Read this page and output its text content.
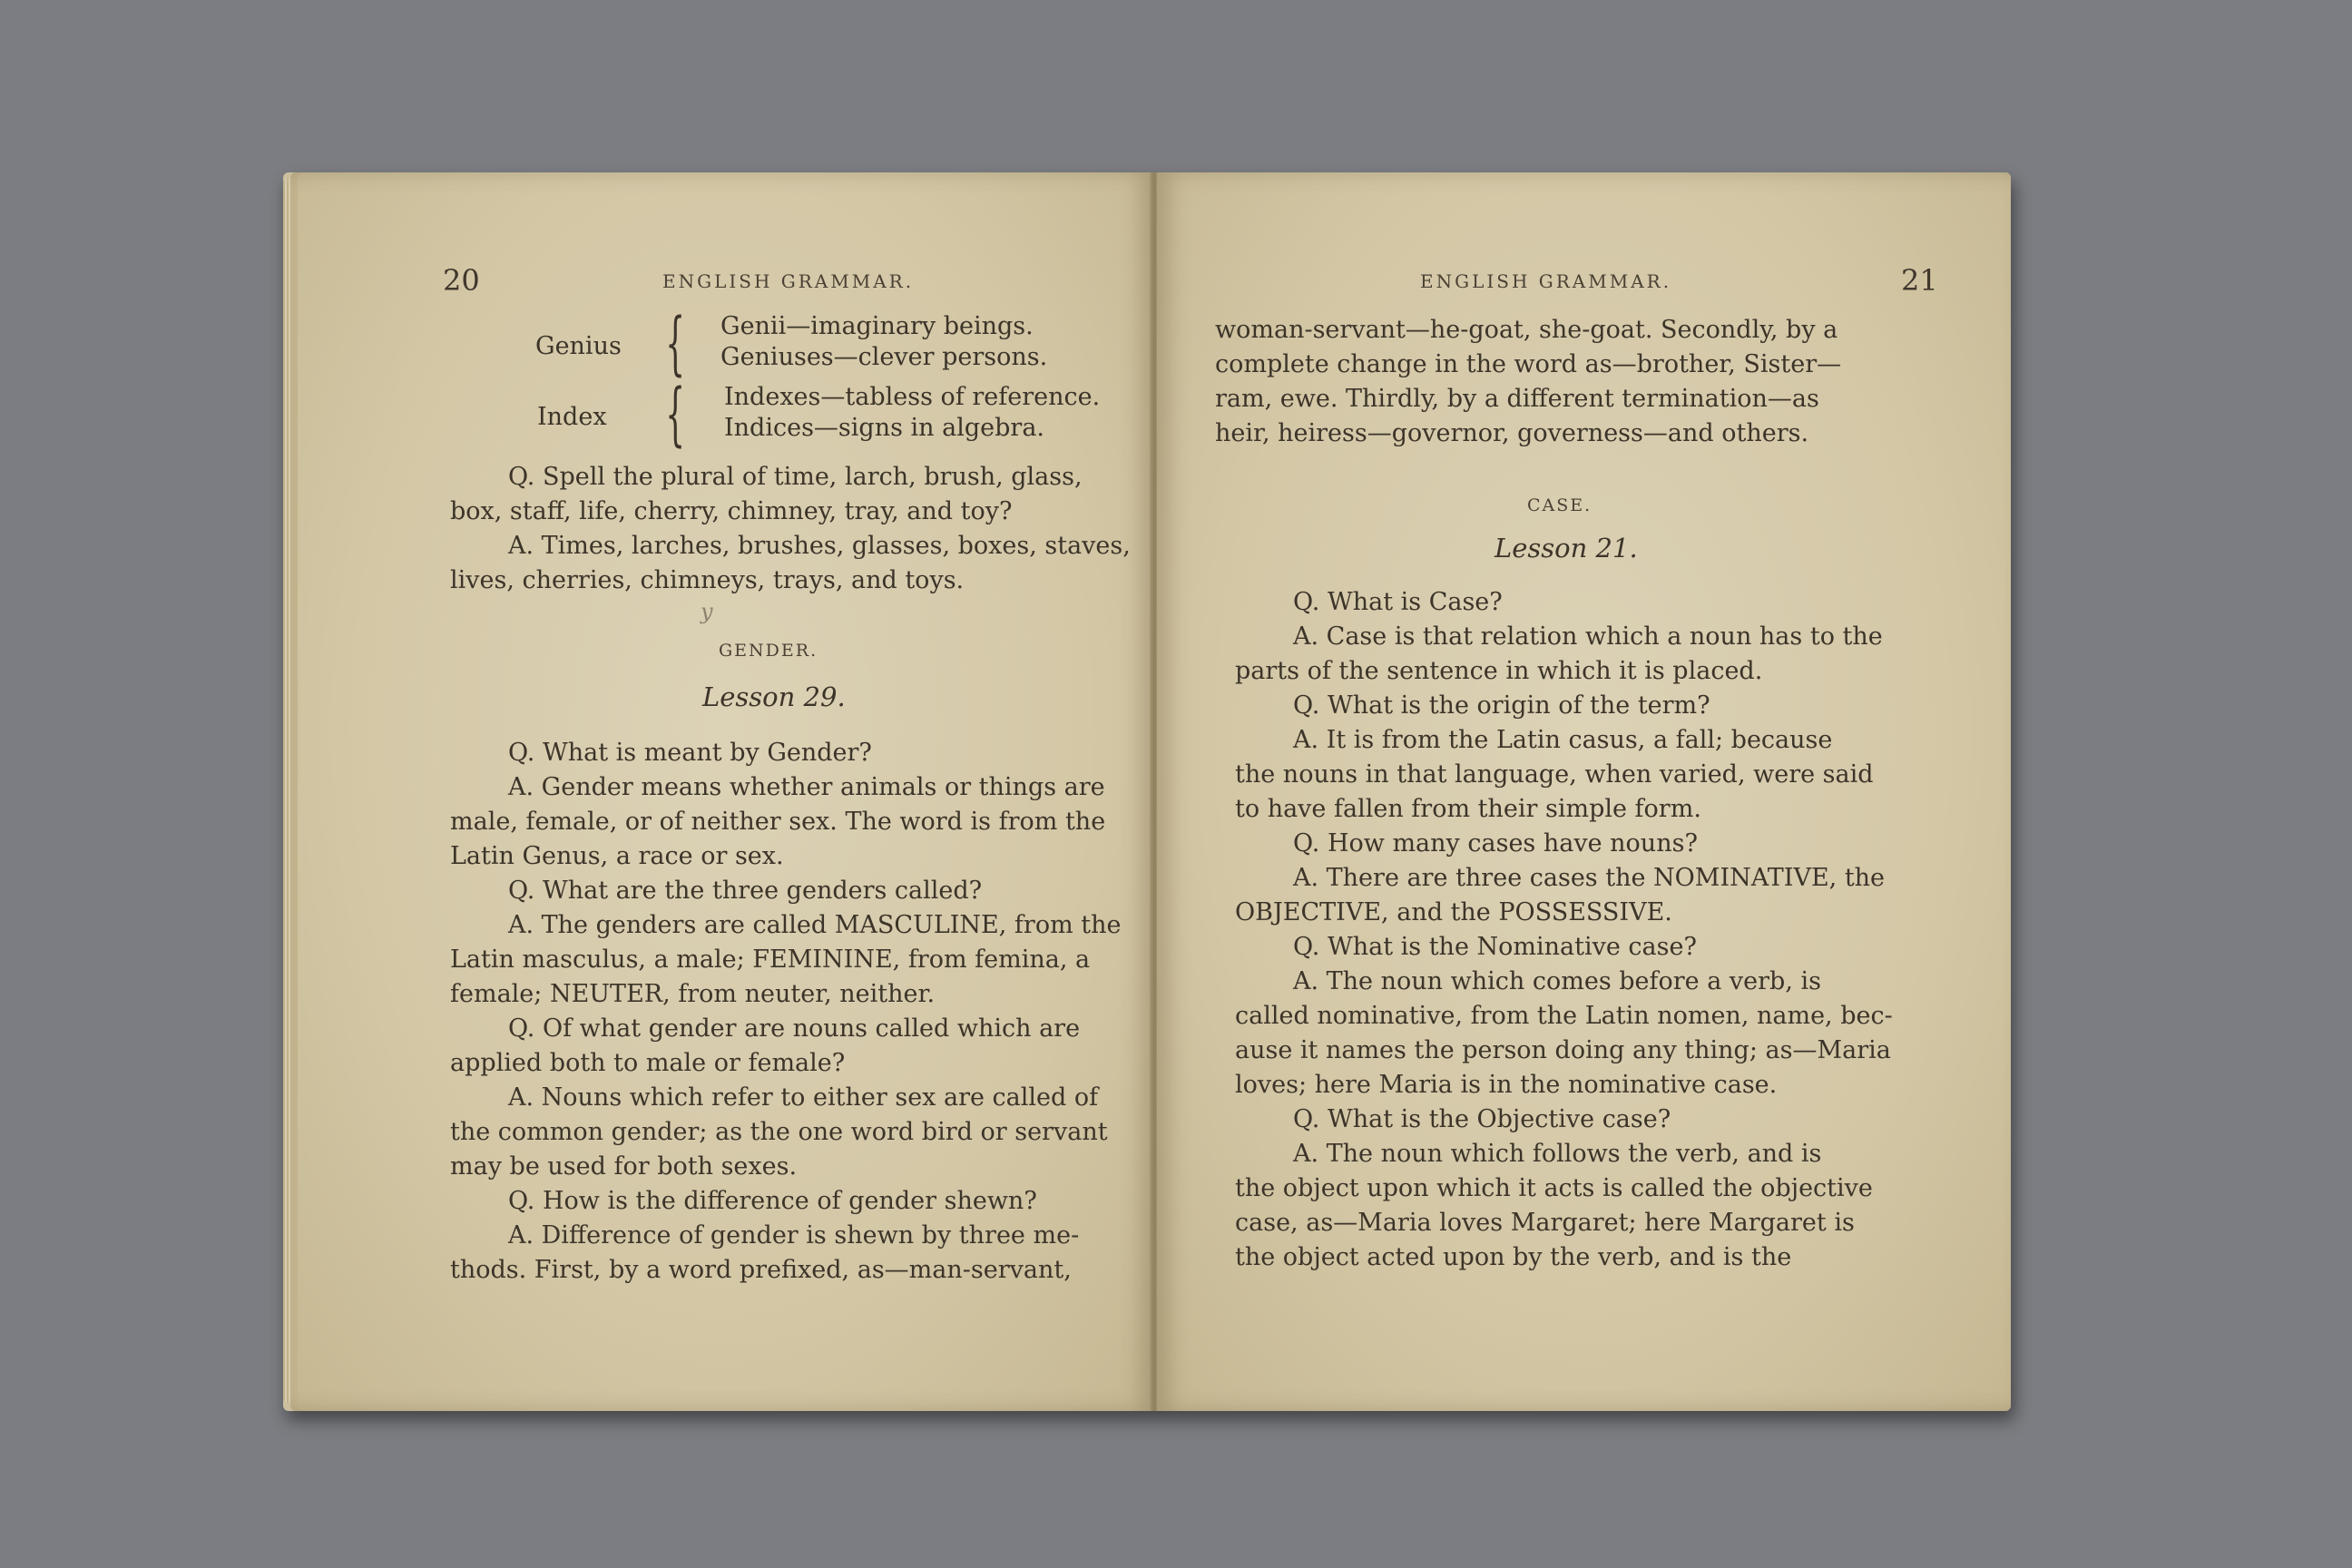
20	ENGLISH GRAMMAR.
Genius { Genii—imaginary beings.
Geniuses—clever persons.
Index { Indexes—tabless of reference.
Indices—signs in algebra.
Q. Spell the plural of time, larch, brush, glass,
box, staff, life, cherry, chimney, tray, and toy?
A. Times, larches, brushes, glasses, boxes, staves,
lives, cherries, chimneys, trays, and toys.
y
GENDER.
Lesson 29.
Q. What is meant by Gender?
A. Gender means whether animals or things are
male, female, or of neither sex. The word is from the
Latin Genus, a race or sex.
Q. What are the three genders called?
A. The genders are called MASCULINE, from the
Latin masculus, a male; FEMININE, from femina, a
female; NEUTER, from neuter, neither.
Q. Of what gender are nouns called which are
applied both to male or female?
A. Nouns which refer to either sex are called of
the common gender; as the one word bird or servant
may be used for both sexes.
Q. How is the difference of gender shewn?
A. Difference of gender is shewn by three me-
thods. First, by a word prefixed, as—man-servant,
ENGLISH GRAMMAR.	21
woman-servant—he-goat, she-goat. Secondly, by a
complete change in the word as—brother, Sister—
ram, ewe. Thirdly, by a different termination—as
heir, heiress—governor, governess—and others.
CASE.
Lesson 21.
Q. What is Case?
A. Case is that relation which a noun has to the
parts of the sentence in which it is placed.
Q. What is the origin of the term?
A. It is from the Latin casus, a fall; because
the nouns in that language, when varied, were said
to have fallen from their simple form.
Q. How many cases have nouns?
A. There are three cases the NOMINATIVE, the
OBJECTIVE, and the POSSESSIVE.
Q. What is the Nominative case?
A. The noun which comes before a verb, is
called nominative, from the Latin nomen, name, bec-
ause it names the person doing any thing; as—Maria
loves; here Maria is in the nominative case.
Q. What is the Objective case?
A. The noun which follows the verb, and is
the object upon which it acts is called the objective
case, as—Maria loves Margaret; here Margaret is
the object acted upon by the verb, and is the
